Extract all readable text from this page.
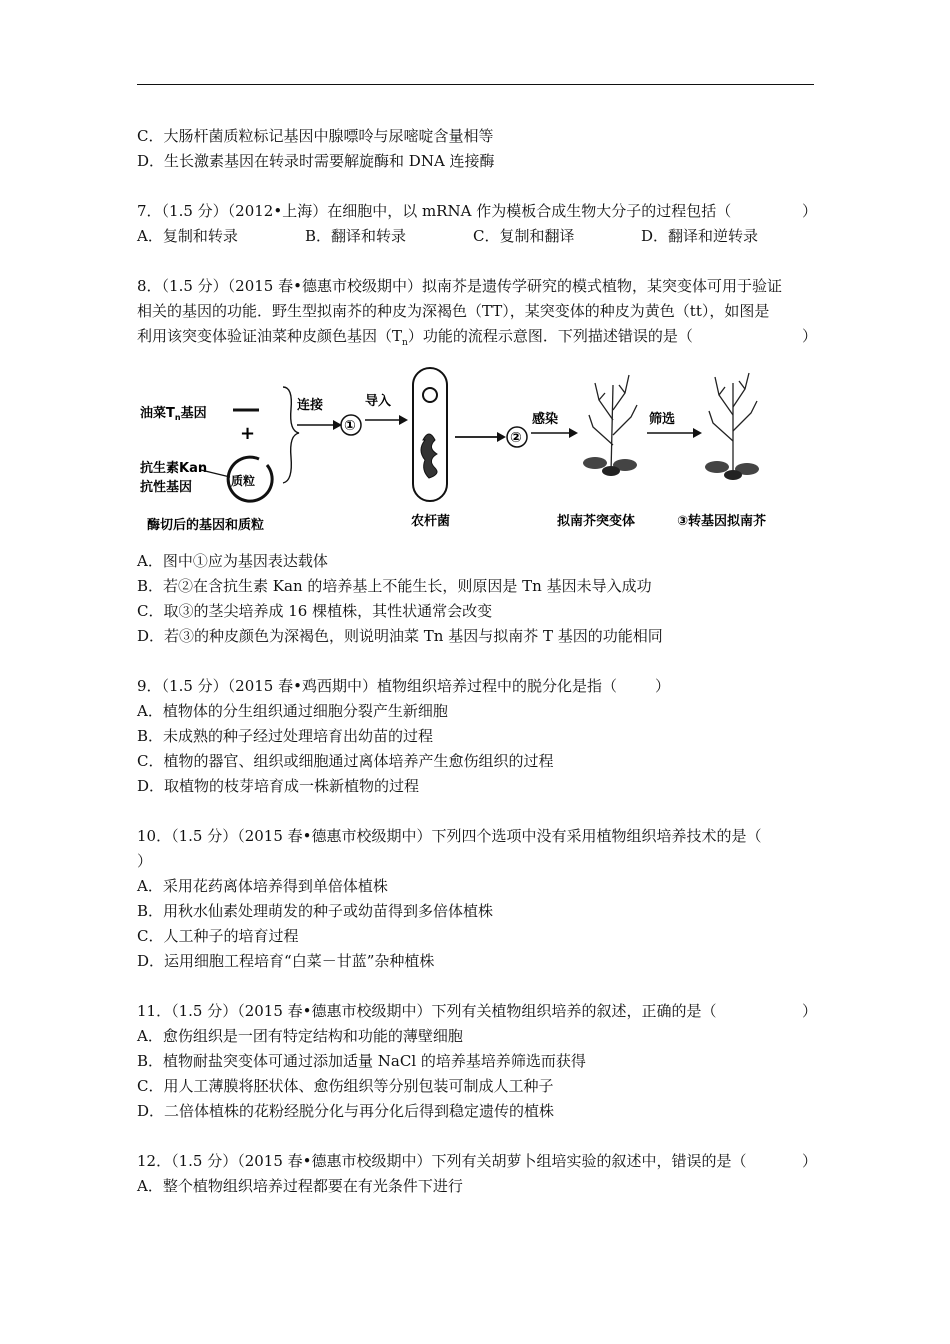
C．大肠杆菌质粒标记基因中腺嘌呤与尿嘧啶含量相等
D．生长激素基因在转录时需要解旋酶和 DNA 连接酶
7．（1.5 分）（2012•上海）在细胞中，以 mRNA 作为模板合成生物大分子的过程包括（	）
A．复制和转录	B．翻译和转录	C．复制和翻译	D．翻译和逆转录
8．（1.5 分）（2015 春•德惠市校级期中）拟南芥是遗传学研究的模式植物，某突变体可用于验证
相关的基因的功能．野生型拟南芥的种皮为深褐色（TT），某突变体的种皮为黄色（tt），如图是
利用该突变体验证油菜种皮颜色基因$(T_n)$功能的流程示意图．下列描述错误的是（	）
油菜$T_n$基因
+
抗生素Kan
抗性基因	质粒
酶切后的基因和质粒
连接
①
导入
农杆菌
②
感染
拟南芥突变体
筛选
③转基因拟南芥
A．图中①应为基因表达载体
B．若②在含抗生素 Kan 的培养基上不能生长，则原因是 Tn 基因未导入成功
C．取③的茎尖培养成 16 棵植株，其性状通常会改变
D．若③的种皮颜色为深褐色，则说明油菜 Tn 基因与拟南芥 T 基因的功能相同
9．（1.5 分）（2015 春•鸡西期中）植物组织培养过程中的脱分化是指（	）
A．植物体的分生组织通过细胞分裂产生新细胞
B．未成熟的种子经过处理培育出幼苗的过程
C．植物的器官、组织或细胞通过离体培养产生愈伤组织的过程
D．取植物的枝芽培育成一株新植物的过程
10．（1.5 分）（2015 春•德惠市校级期中）下列四个选项中没有采用植物组织培养技术的是（
）
A．采用花药离体培养得到单倍体植株
B．用秋水仙素处理萌发的种子或幼苗得到多倍体植株
C．人工种子的培育过程
D．运用细胞工程培育“白菜－甘蓝”杂种植株
11．（1.5 分）（2015 春•德惠市校级期中）下列有关植物组织培养的叙述，正确的是（	）
A．愈伤组织是一团有特定结构和功能的薄壁细胞
B．植物耐盐突变体可通过添加适量 NaCl 的培养基培养筛选而获得
C．用人工薄膜将胚状体、愈伤组织等分别包装可制成人工种子
D．二倍体植株的花粉经脱分化与再分化后得到稳定遗传的植株
12．（1.5 分）（2015 春•德惠市校级期中）下列有关胡萝卜组培实验的叙述中，错误的是（	）
A．整个植物组织培养过程都要在有光条件下进行
